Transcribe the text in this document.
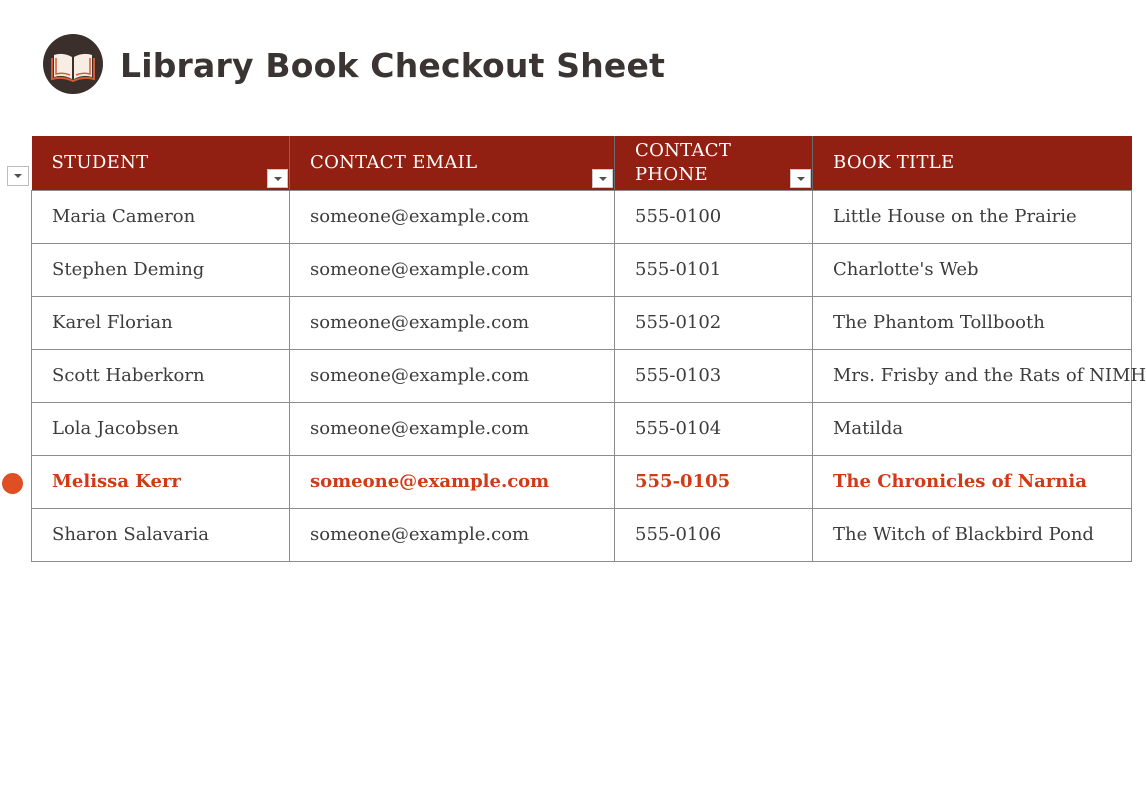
Library Book Checkout Sheet
STUDENT	CONTACT EMAIL	CONTACT PHONE	BOOK TITLE
Maria Cameron	someone@example.com	555-0100	Little House on the Prairie
Stephen Deming	someone@example.com	555-0101	Charlotte's Web
Karel Florian	someone@example.com	555-0102	The Phantom Tollbooth
Scott Haberkorn	someone@example.com	555-0103	Mrs. Frisby and the Rats of NIMH
Lola Jacobsen	someone@example.com	555-0104	Matilda
Melissa Kerr	someone@example.com	555-0105	The Chronicles of Narnia
Sharon Salavaria	someone@example.com	555-0106	The Witch of Blackbird Pond
